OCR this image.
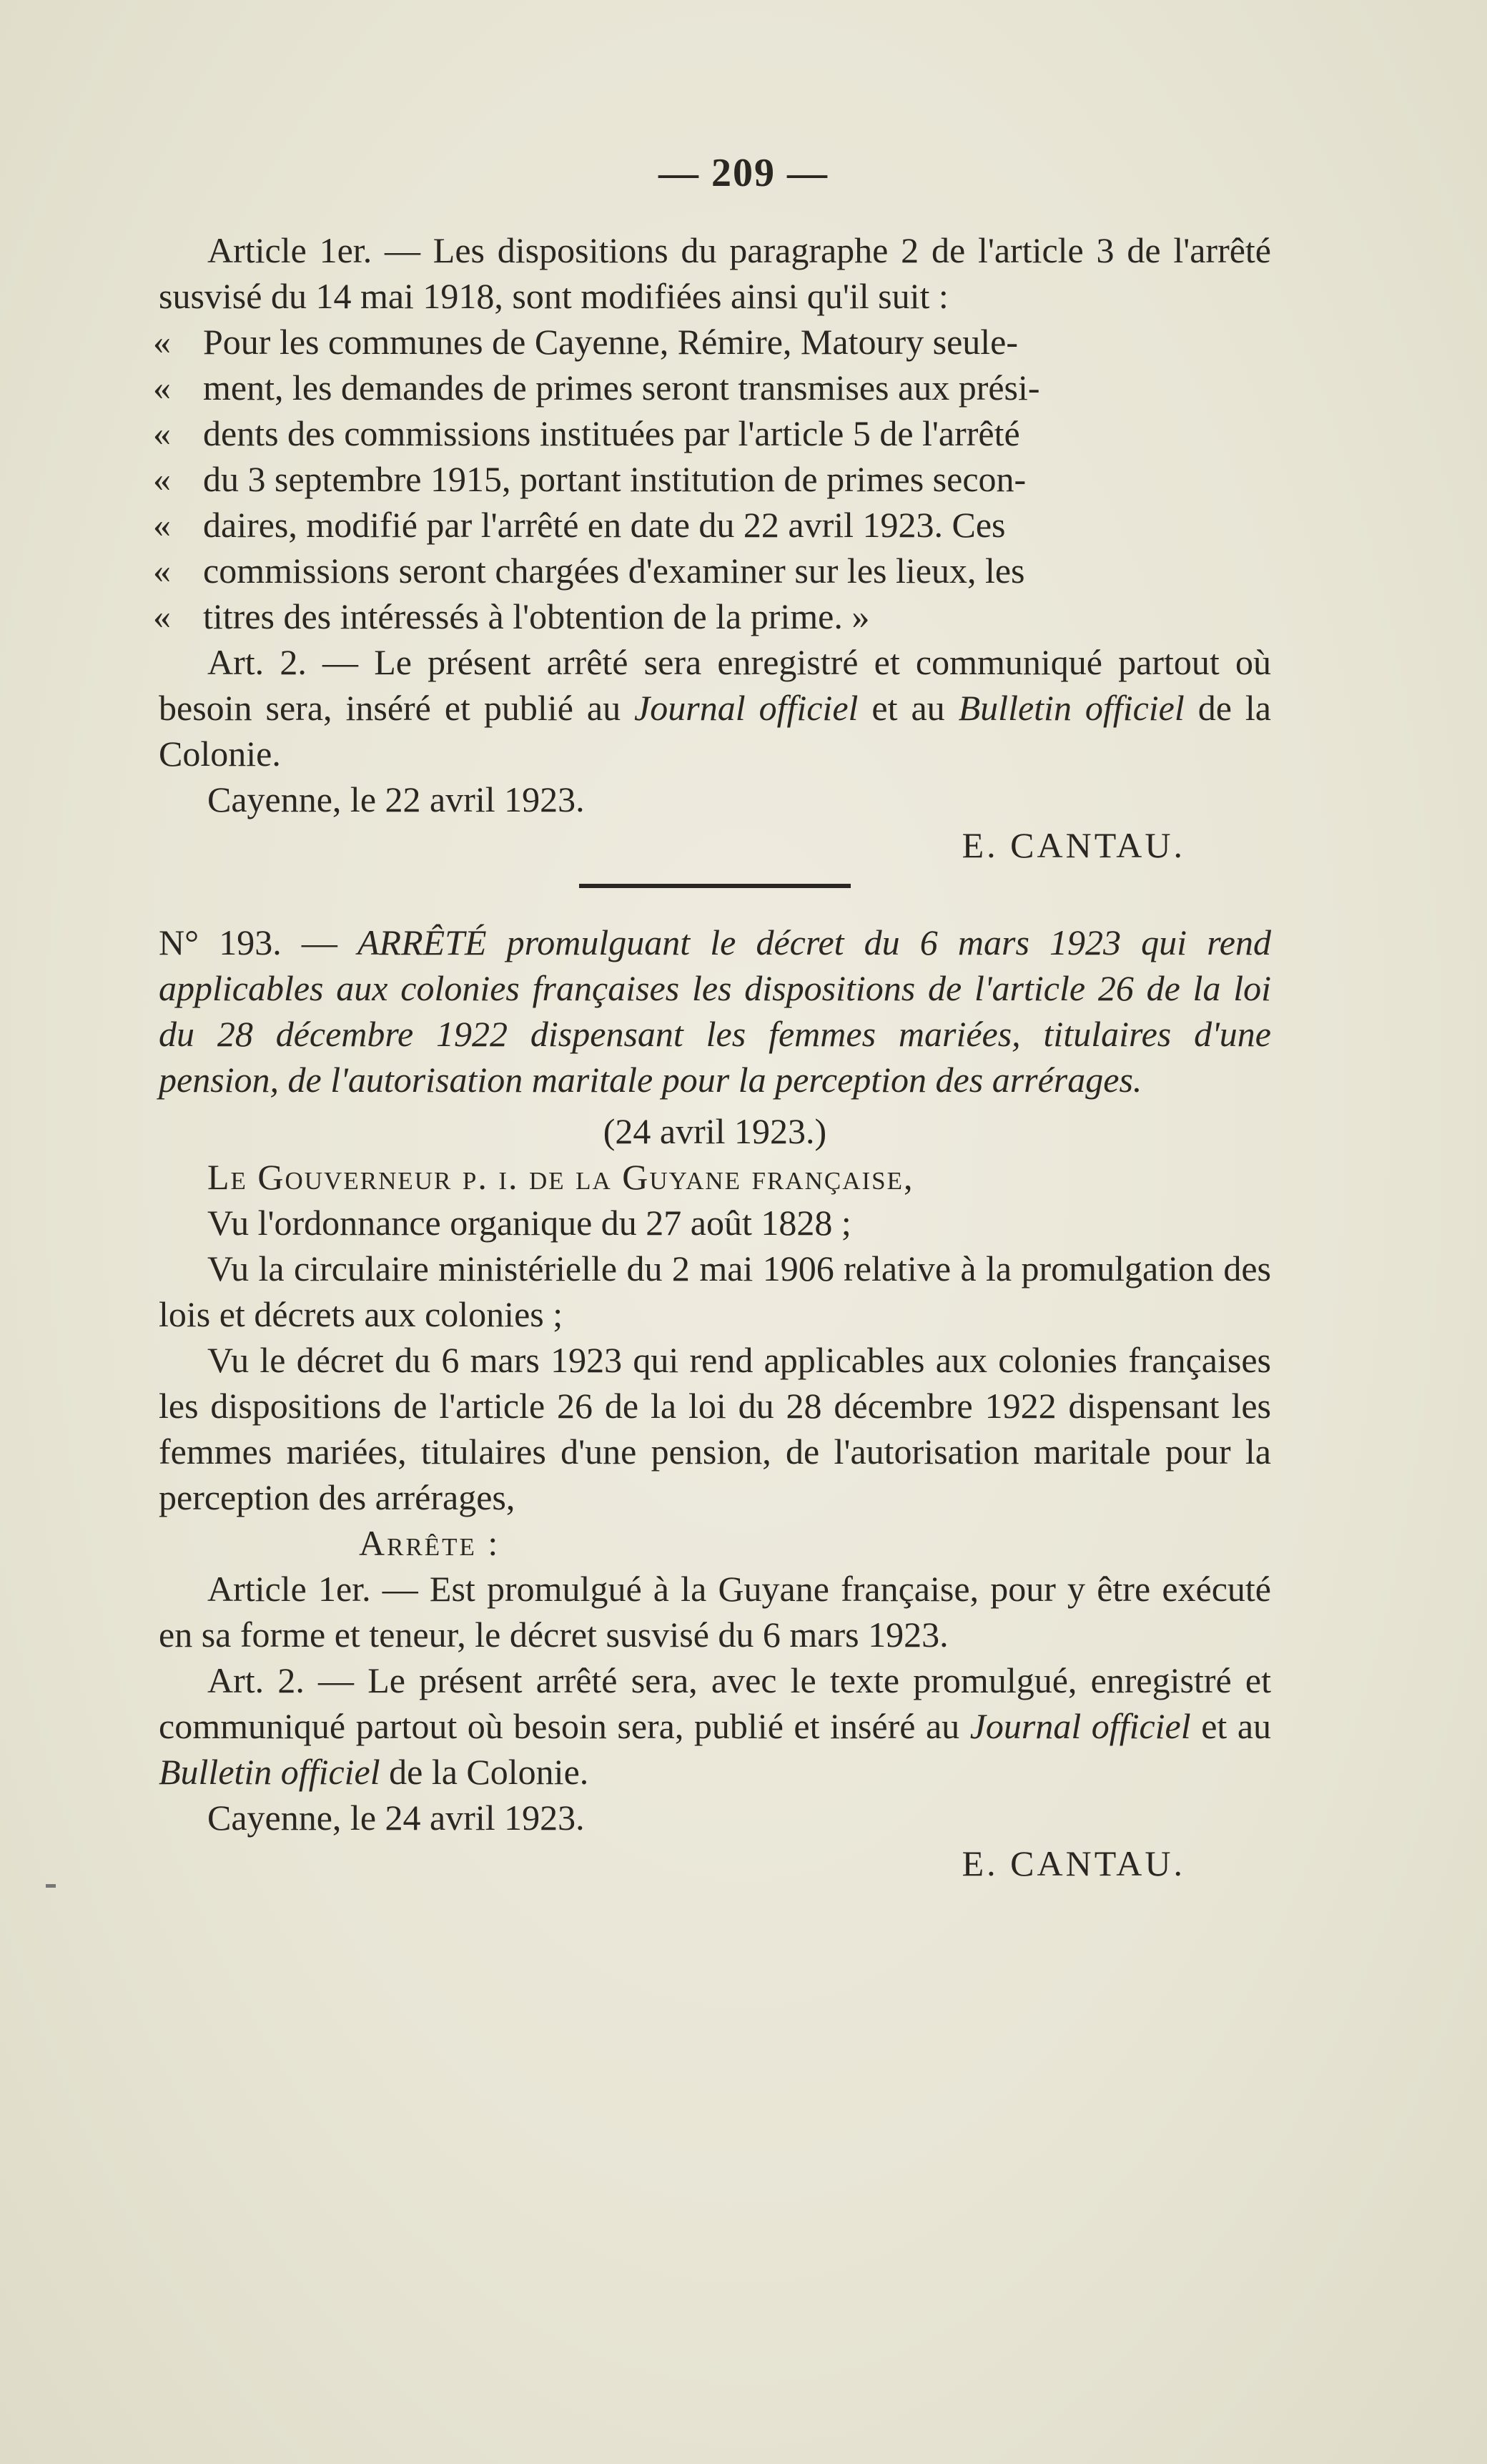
— 209 —

Article 1er. — Les dispositions du paragraphe 2 de l'article 3 de l'arrêté susvisé du 14 mai 1918, sont modifiées ainsi qu'il suit :

« Pour les communes de Cayenne, Rémire, Matoury seule-

« ment, les demandes de primes seront transmises aux prési-

« dents des commissions instituées par l'article 5 de l'arrêté

« du 3 septembre 1915, portant institution de primes secon-

« daires, modifié par l'arrêté en date du 22 avril 1923. Ces

« commissions seront chargées d'examiner sur les lieux, les

« titres des intéressés à l'obtention de la prime. »

Art. 2. — Le présent arrêté sera enregistré et communiqué partout où besoin sera, inséré et publié au Journal officiel et au Bulletin officiel de la Colonie.

Cayenne, le 22 avril 1923.

E. CANTAU.

N° 193. — ARRÊTÉ promulguant le décret du 6 mars 1923 qui rend applicables aux colonies françaises les dispositions de l'article 26 de la loi du 28 décembre 1922 dispensant les femmes mariées, titulaires d'une pension, de l'autorisation maritale pour la perception des arrérages.

(24 avril 1923.)

Le Gouverneur p. i. de la Guyane française,

Vu l'ordonnance organique du 27 août 1828 ;

Vu la circulaire ministérielle du 2 mai 1906 relative à la promulgation des lois et décrets aux colonies ;

Vu le décret du 6 mars 1923 qui rend applicables aux colonies françaises les dispositions de l'article 26 de la loi du 28 décembre 1922 dispensant les femmes mariées, titulaires d'une pension, de l'autorisation maritale pour la perception des arrérages,

Arrête :

Article 1er. — Est promulgué à la Guyane française, pour y être exécuté en sa forme et teneur, le décret susvisé du 6 mars 1923.

Art. 2. — Le présent arrêté sera, avec le texte promulgué, enregistré et communiqué partout où besoin sera, publié et inséré au Journal officiel et au Bulletin officiel de la Colonie.

Cayenne, le 24 avril 1923.

E. CANTAU.
